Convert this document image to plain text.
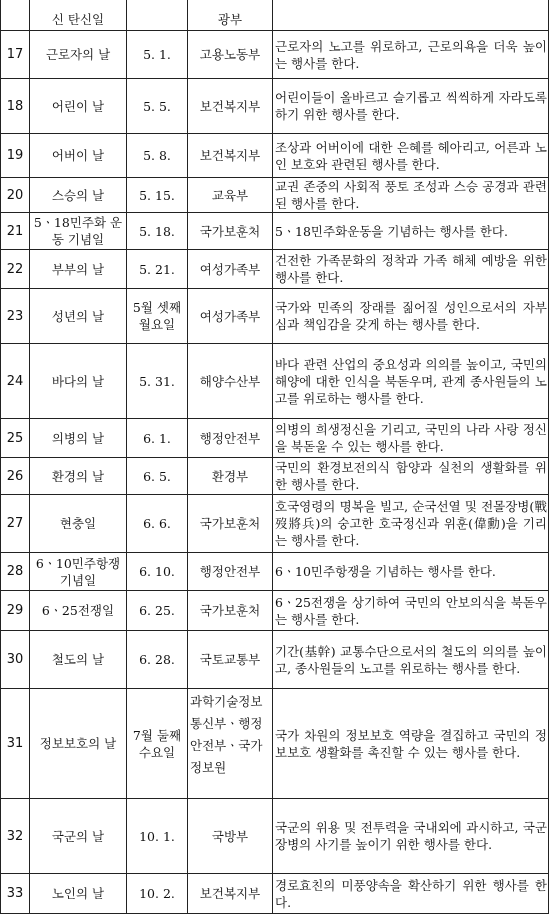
	신 탄신일		광부	
17	근로자의 날	5. 1.	고용노동부	근로자의 노고를 위로하고, 근로의욕을 더욱 높이는 행사를 한다.
18	어린이 날	5. 5.	보건복지부	어린이들이 올바르고 슬기롭고 씩씩하게 자라도록 하기 위한 행사를 한다.
19	어버이 날	5. 8.	보건복지부	조상과 어버이에 대한 은혜를 헤아리고, 어른과 노인 보호와 관련된 행사를 한다.
20	스승의 날	5. 15.	교육부	교권 존중의 사회적 풍토 조성과 스승 공경과 관련된 행사를 한다.
21	5ㆍ18민주화 운동 기념일	5. 18.	국가보훈처	5ㆍ18민주화운동을 기념하는 행사를 한다.
22	부부의 날	5. 21.	여성가족부	건전한 가족문화의 정착과 가족 해체 예방을 위한 행사를 한다.
23	성년의 날	5월 셋째 월요일	여성가족부	국가와 민족의 장래를 짊어질 성인으로서의 자부심과 책임감을 갖게 하는 행사를 한다.
24	바다의 날	5. 31.	해양수산부	바다 관련 산업의 중요성과 의의를 높이고, 국민의 해양에 대한 인식을 북돋우며, 관계 종사원들의 노고를 위로하는 행사를 한다.
25	의병의 날	6. 1.	행정안전부	의병의 희생정신을 기리고, 국민의 나라 사랑 정신을 북돋울 수 있는 행사를 한다.
26	환경의 날	6. 5.	환경부	국민의 환경보전의식 함양과 실천의 생활화를 위한 행사를 한다.
27	현충일	6. 6.	국가보훈처	호국영령의 명복을 빌고, 순국선열 및 전몰장병(戰歿將兵)의 숭고한 호국정신과 위훈(偉勳)을 기리는 행사를 한다.
28	6ㆍ10민주항쟁 기념일	6. 10.	행정안전부	6ㆍ10민주항쟁을 기념하는 행사를 한다.
29	6ㆍ25전쟁일	6. 25.	국가보훈처	6ㆍ25전쟁을 상기하여 국민의 안보의식을 북돋우는 행사를 한다.
30	철도의 날	6. 28.	국토교통부	기간(基幹) 교통수단으로서의 철도의 의의를 높이고, 종사원들의 노고를 위로하는 행사를 한다.
31	정보보호의 날	7월 둘째 수요일	과학기술정보통신부ㆍ행정안전부ㆍ국가정보원	국가 차원의 정보보호 역량을 결집하고 국민의 정보보호 생활화를 촉진할 수 있는 행사를 한다.
32	국군의 날	10. 1.	국방부	국군의 위용 및 전투력을 국내외에 과시하고, 국군장병의 사기를 높이기 위한 행사를 한다.
33	노인의 날	10. 2.	보건복지부	경로효친의 미풍양속을 확산하기 위한 행사를 한다.
